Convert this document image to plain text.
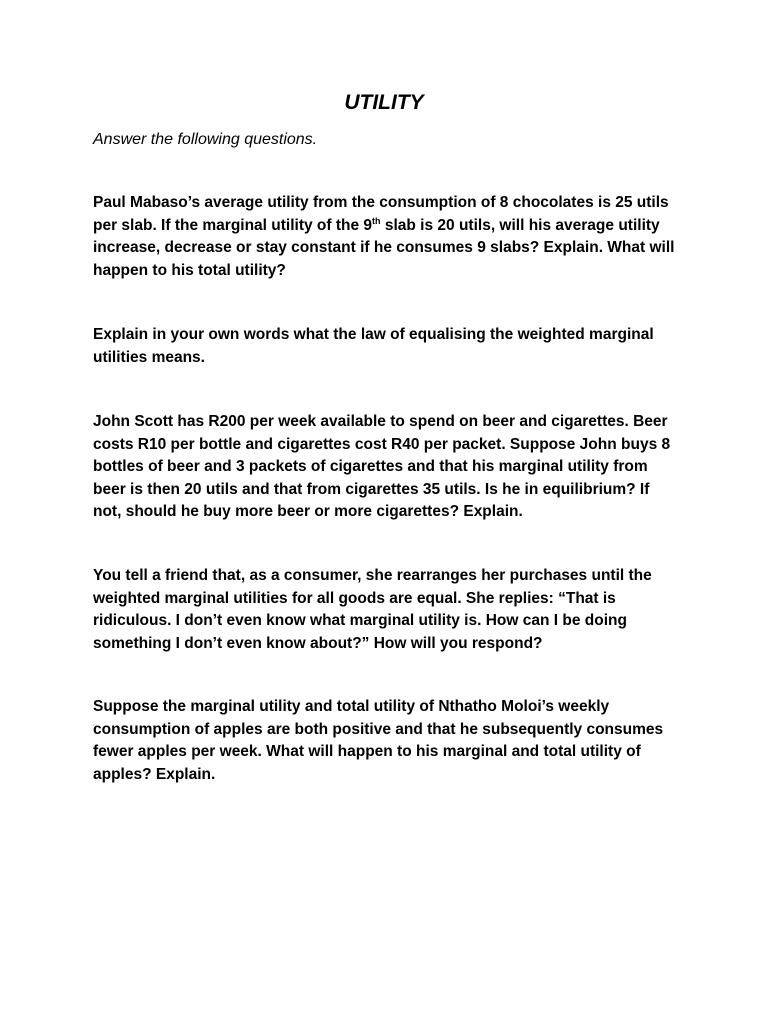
UTILITY

Answer the following questions.

Paul Mabaso’s average utility from the consumption of 8 chocolates is 25 utils per slab. If the marginal utility of the 9th slab is 20 utils, will his average utility increase, decrease or stay constant if he consumes 9 slabs? Explain. What will happen to his total utility?

Explain in your own words what the law of equalising the weighted marginal utilities means.

John Scott has R200 per week available to spend on beer and cigarettes. Beer costs R10 per bottle and cigarettes cost R40 per packet. Suppose John buys 8 bottles of beer and 3 packets of cigarettes and that his marginal utility from beer is then 20 utils and that from cigarettes 35 utils. Is he in equilibrium? If not, should he buy more beer or more cigarettes? Explain.

You tell a friend that, as a consumer, she rearranges her purchases until the weighted marginal utilities for all goods are equal. She replies: “That is ridiculous. I don’t even know what marginal utility is. How can I be doing something I don’t even know about?” How will you respond?

Suppose the marginal utility and total utility of Nthatho Moloi’s weekly consumption of apples are both positive and that he subsequently consumes fewer apples per week. What will happen to his marginal and total utility of apples? Explain.
